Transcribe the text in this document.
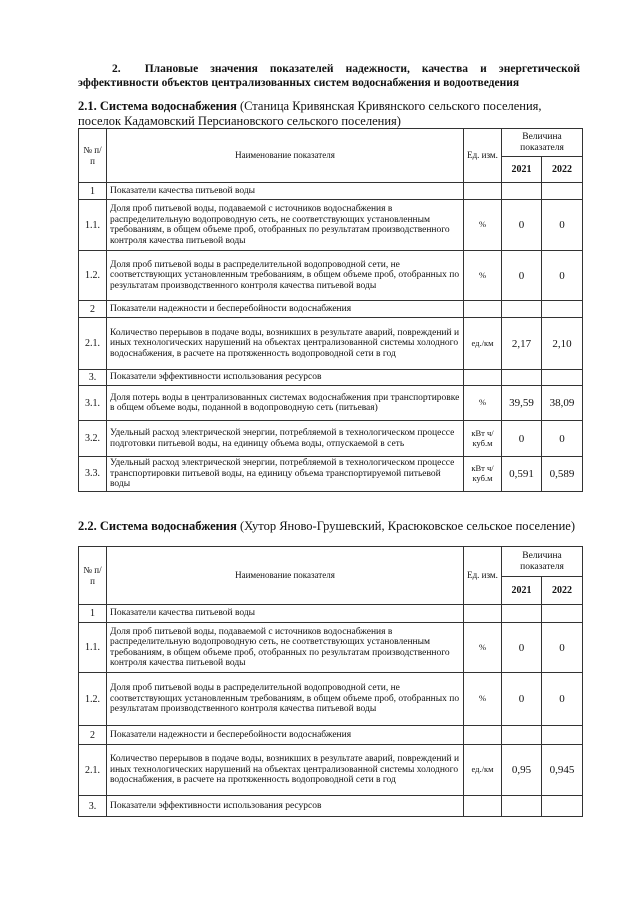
2. Плановые значения показателей надежности, качества и энергетической эффективности объектов централизованных систем водоснабжения и водоотведения
2.1. Система водоснабжения (Станица Кривянская Кривянского сельского поселения, поселок Кадамовский Персиановского сельского поселения)
№ п/п	Наименование показателя	Ед. изм.	Величина показателя	
			2021	2022
1	Показатели качества питьевой воды			
1.1.	Доля проб питьевой воды, подаваемой с источников водоснабжения в распределительную водопроводную сеть, не соответствующих установленным требованиям, в общем объеме проб, отобранных по результатам производственного контроля качества питьевой воды	%	0	0
1.2.	Доля проб питьевой воды в распределительной водопроводной сети, не соответствующих установленным требованиям, в общем объеме проб, отобранных по результатам производственного контроля качества питьевой воды	%	0	0
2	Показатели надежности и бесперебойности водоснабжения			
2.1.	Количество перерывов в подаче воды, возникших в результате аварий, повреждений и иных технологических нарушений на объектах централизованной системы холодного водоснабжения, в расчете на протяженность водопроводной сети в год	ед./км	2,17	2,10
3.	Показатели эффективности использования ресурсов			
3.1.	Доля потерь воды в централизованных системах водоснабжения при транспортировке в общем объеме воды, поданной в водопроводную сеть (питьевая)	%	39,59	38,09
3.2.	Удельный расход электрической энергии, потребляемой в технологическом процессе подготовки питьевой воды, на единицу объема воды, отпускаемой в сеть	кВт ч/куб.м	0	0
3.3.	Удельный расход электрической энергии, потребляемой в технологическом процессе транспортировки питьевой воды, на единицу объема транспортируемой питьевой воды	кВт ч/куб.м	0,591	0,589
2.2. Система водоснабжения (Хутор Яново-Грушевский, Красюковское сельское поселение)
№ п/п	Наименование показателя	Ед. изм.	Величина показателя	
			2021	2022
1	Показатели качества питьевой воды			
1.1.	Доля проб питьевой воды, подаваемой с источников водоснабжения в распределительную водопроводную сеть, не соответствующих установленным требованиям, в общем объеме проб, отобранных по результатам производственного контроля качества питьевой воды	%	0	0
1.2.	Доля проб питьевой воды в распределительной водопроводной сети, не соответствующих установленным требованиям, в общем объеме проб, отобранных по результатам производственного контроля качества питьевой воды	%	0	0
2	Показатели надежности и бесперебойности водоснабжения			
2.1.	Количество перерывов в подаче воды, возникших в результате аварий, повреждений и иных технологических нарушений на объектах централизованной системы холодного водоснабжения, в расчете на протяженность водопроводной сети в год	ед./км	0,95	0,945
3.	Показатели эффективности использования ресурсов			
